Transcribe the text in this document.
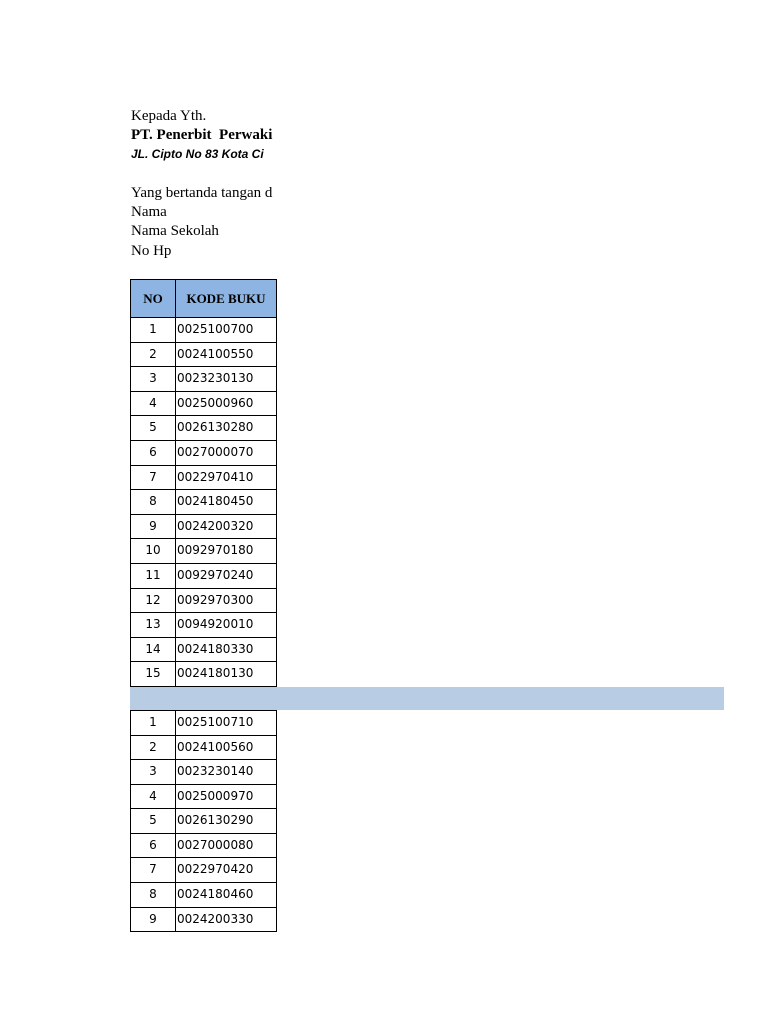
Kepada Yth.
PT. Penerbit  Perwaki
JL. Cipto No 83 Kota Ci
Yang bertanda tangan d
Nama
Nama Sekolah
No Hp
NO	KODE BUKU
1	0025100700
2	0024100550
3	0023230130
4	0025000960
5	0026130280
6	0027000070
7	0022970410
8	0024180450
9	0024200320
10	0092970180
11	0092970240
12	0092970300
13	0094920010
14	0024180330
15	0024180130
1	0025100710
2	0024100560
3	0023230140
4	0025000970
5	0026130290
6	0027000080
7	0022970420
8	0024180460
9	0024200330
